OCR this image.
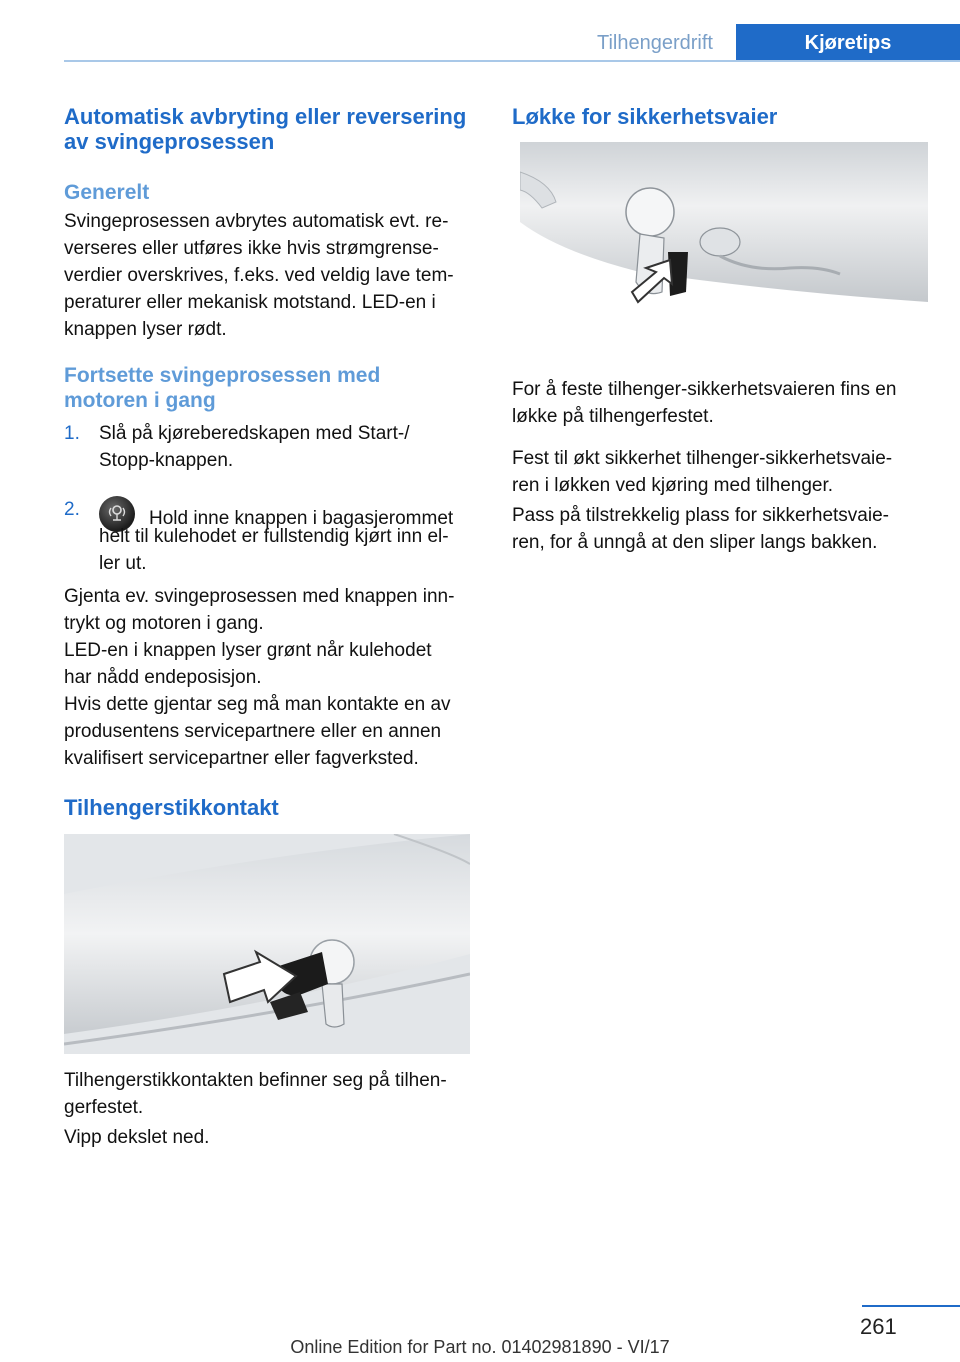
Tilhengerdrift	Kjøretips
Automatisk avbryting eller reversering av svingeprosessen
Generelt
Svingeprosessen avbrytes automatisk evt. re‐
verseres eller utføres ikke hvis strømgrense‐
verdier overskrives, f.eks. ved veldig lave tem‐
peraturer eller mekanisk motstand. LED-en i
knappen lyser rødt.
Fortsette svingeprosessen med
motoren i gang
1. Slå på kjøreberedskapen med Start-/
Stopp-knappen.
2.	Hold inne knappen i bagasjerommet
helt til kulehodet er fullstendig kjørt inn el‐
ler ut.
Gjenta ev. svingeprosessen med knappen inn‐
trykt og motoren i gang.
LED-en i knappen lyser grønt når kulehodet
har nådd endeposisjon.
Hvis dette gjentar seg må man kontakte en av
produsentens servicepartnere eller en annen
kvalifisert servicepartner eller fagverksted.
Tilhengerstikkontakt
Tilhengerstikkontakten befinner seg på tilhen‐
gerfestet.
Vipp dekslet ned.
Løkke for sikkerhetsvaier
For å feste tilhenger-sikkerhetsvaieren fins en
løkke på tilhengerfestet.
Fest til økt sikkerhet tilhenger-sikkerhetsvaie‐
ren i løkken ved kjøring med tilhenger.
Pass på tilstrekkelig plass for sikkerhetsvaie‐
ren, for å unngå at den sliper langs bakken.
261
Online Edition for Part no. 01402981890 - VI/17
